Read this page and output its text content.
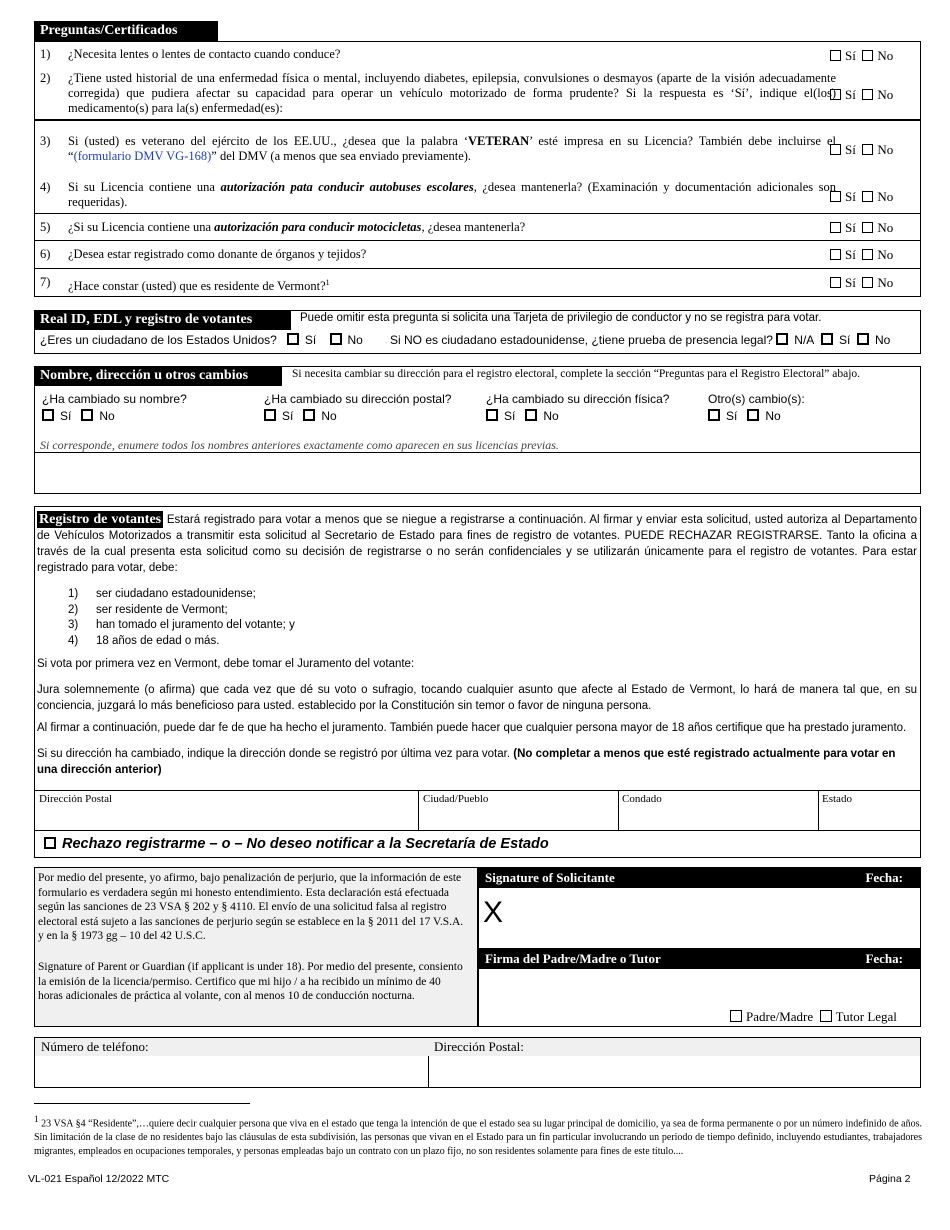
Preguntas/Certificados
1) ¿Necesita lentes o lentes de contacto cuando conduce?	Sí No
2) ¿Tiene usted historial de una enfermedad física o mental, incluyendo diabetes, epilepsia, convulsiones o desmayos (aparte de la visión adecuadamente corregida) que pudiera afectar su capacidad para operar un vehículo motorizado de forma prudente? Si la respuesta es ‘Sí’, indique el(los) medicamento(s) para la(s) enfermedad(es):
Sí No
3) Si (usted) es veterano del ejército de los EE.UU., ¿desea que la palabra ‘VETERAN’ esté impresa en su Licencia? También debe incluirse el “(formulario DMV VG-168)” del DMV (a menos que sea enviado previamente).	Sí No
4) Si su Licencia contiene una autorización pata conducir autobuses escolares, ¿desea mantenerla? (Examinación y documentación adicionales son requeridas).	Sí No
5) ¿Si su Licencia contiene una autorización para conducir motocicletas, ¿desea mantenerla?	Sí No
6) ¿Desea estar registrado como donante de órganos y tejidos?	Sí No
7) ¿Hace constar (usted) que es residente de Vermont?$^1$	Sí No
Real ID, EDL y registro de votantes	Puede omitir esta pregunta si solicita una Tarjeta de privilegio de conductor y no se registra para votar.
¿Eres un ciudadano de los Estados Unidos? Sí	No Si NO es ciudadano estadounidense, ¿tiene prueba de presencia legal? N/A Sí No
Nombre, dirección u otros cambios	Si necesita cambiar su dirección para el registro electoral, complete la sección “Preguntas para el Registro Electoral” abajo.
¿Ha cambiado su nombre?
Sí No
¿Ha cambiado su dirección postal?
Sí No
¿Ha cambiado su dirección física?
Sí No
Otro(s) cambio(s):
Sí No
Si corresponde, enumere todos los nombres anteriores exactamente como aparecen en sus licencias previas.
Registro de votantes Estará registrado para votar a menos que se niegue a registrarse a continuación. Al firmar y enviar esta solicitud, usted autoriza al Departamento de Vehículos Motorizados a transmitir esta solicitud al Secretario de Estado para fines de registro de votantes. PUEDE RECHAZAR REGISTRARSE. Tanto la oficina a través de la cual presenta esta solicitud como su decisión de registrarse o no serán confidenciales y se utilizarán únicamente para el registro de votantes. Para estar registrado para votar, debe:
1) ser ciudadano estadounidense;
2) ser residente de Vermont;
3) han tomado el juramento del votante; y
4) 18 años de edad o más.
Si vota por primera vez en Vermont, debe tomar el Juramento del votante:
Jura solemnemente (o afirma) que cada vez que dé su voto o sufragio, tocando cualquier asunto que afecte al Estado de Vermont, lo hará de manera tal que, en su conciencia, juzgará lo más beneficioso para usted. establecido por la Constitución sin temor o favor de ninguna persona.
Al firmar a continuación, puede dar fe de que ha hecho el juramento. También puede hacer que cualquier persona mayor de 18 años certifique que ha prestado juramento.
Si su dirección ha cambiado, indique la dirección donde se registró por última vez para votar. (No completar a menos que esté registrado actualmente para votar en una dirección anterior)
Dirección Postal	Ciudad/Pueblo	Condado	Estado
Rechazo registrarme – o – No deseo notificar a la Secretaría de Estado
Por medio del presente, yo afirmo, bajo penalización de perjurio, que la información de este formulario es verdadera según mi honesto entendimiento. Esta declaración está efectuada según las sanciones de 23 VSA § 202 y § 4110. El envío de una solicitud falsa al registro electoral está sujeto a las sanciones de perjurio según se establece en la § 2011 del 17 V.S.A. y en la § 1973 gg – 10 del 42 U.S.C.
Signature of Parent or Guardian (if applicant is under 18). Por medio del presente, consiento la emisión de la licencia/permiso. Certifico que mi hijo / a ha recibido un mínimo de 40 horas adicionales de práctica al volante, con al menos 10 de conducción nocturna.
Signature of Solicitante	Fecha:
X
Firma del Padre/Madre o Tutor	Fecha:
Padre/Madre Tutor Legal
Número de teléfono:	Dirección Postal:
$^1$ 23 VSA §4 “Residente”,…quiere decir cualquier persona que viva en el estado que tenga la intención de que el estado sea su lugar principal de domicilio, ya sea de forma permanente o por un número indefinido de años. Sin limitación de la clase de no residentes bajo las cláusulas de esta subdivisión, las personas que vivan en el Estado para un fin particular involucrando un periodo de tiempo definido, incluyendo estudiantes, trabajadores migrantes, empleados en ocupaciones temporales, y personas empleadas bajo un contrato con un plazo fijo, no son residentes solamente para fines de este título....
VL-021 Español 12/2022 MTC	Página 2
